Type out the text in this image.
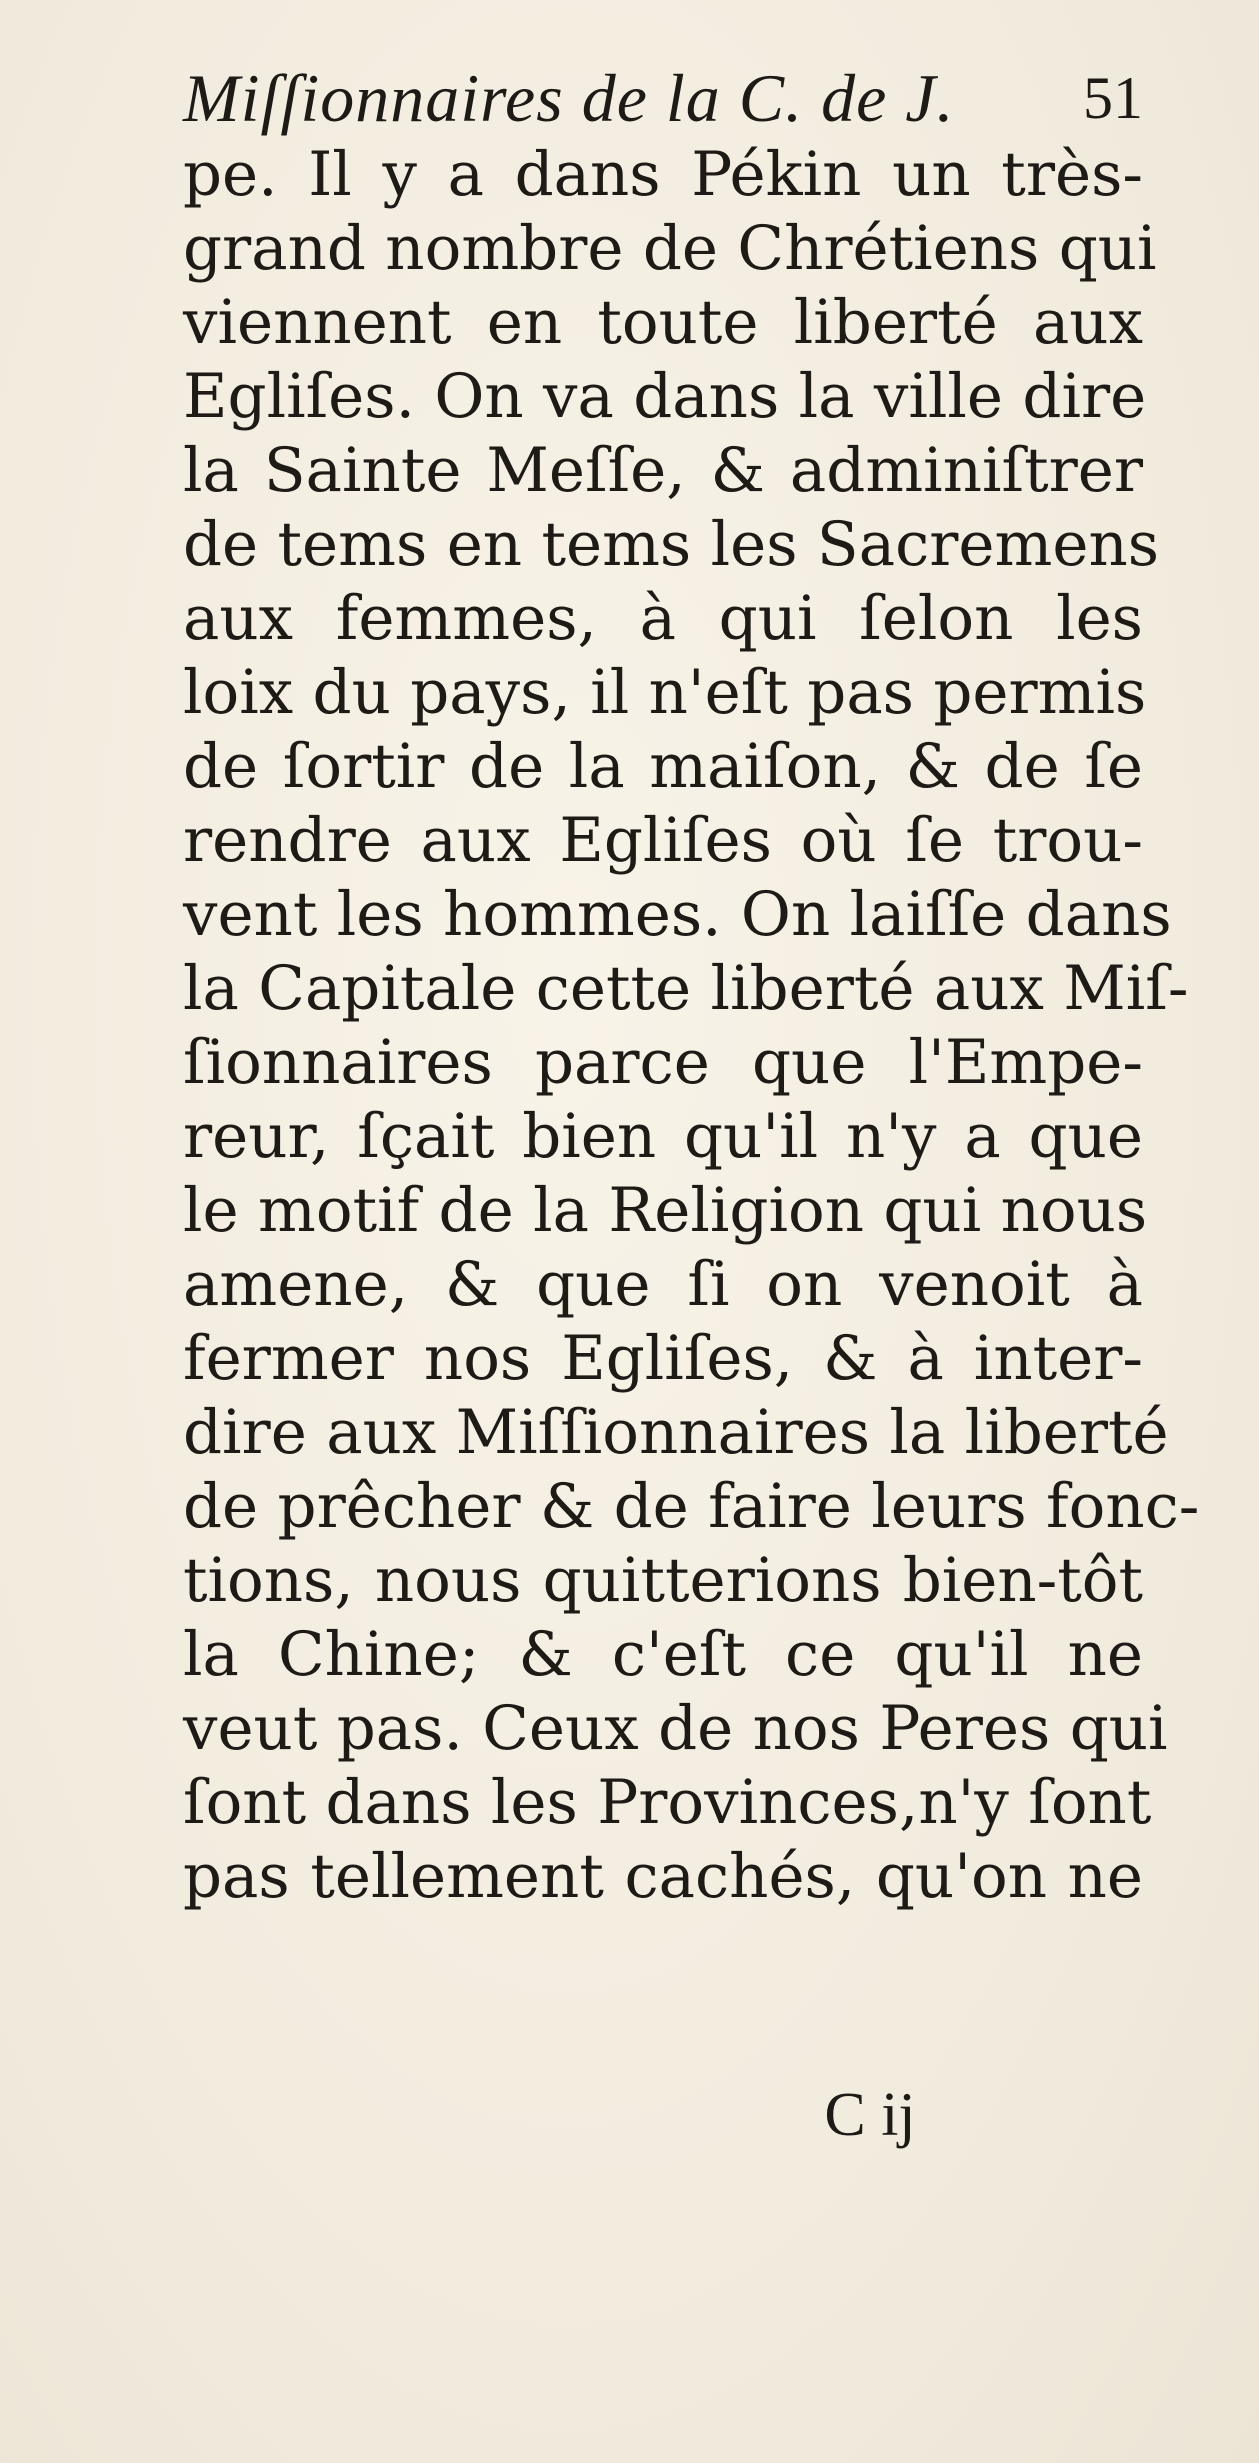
Miſſionnaires de la C. de J. 51
pe. Il y a dans Pékin un très-
grand nombre de Chrétiens qui
viennent en toute liberté aux
Egliſes. On va dans la ville dire
la Sainte Meſſe, & adminiſtrer
de tems en tems les Sacremens
aux femmes, à qui ſelon les
loix du pays, il n'eſt pas permis
de ſortir de la maiſon, & de ſe
rendre aux Egliſes où ſe trou-
vent les hommes. On laiſſe dans
la Capitale cette liberté aux Miſ-
ſionnaires parce que l'Empe-
reur, ſçait bien qu'il n'y a que
le motif de la Religion qui nous
amene, & que ſi on venoit à
fermer nos Egliſes, & à inter-
dire aux Miſſionnaires la liberté
de prêcher & de faire leurs fonc-
tions, nous quitterions bien-tôt
la Chine; & c'eſt ce qu'il ne
veut pas. Ceux de nos Peres qui
ſont dans les Provinces,n'y ſont
pas tellement cachés, qu'on ne
C ij
